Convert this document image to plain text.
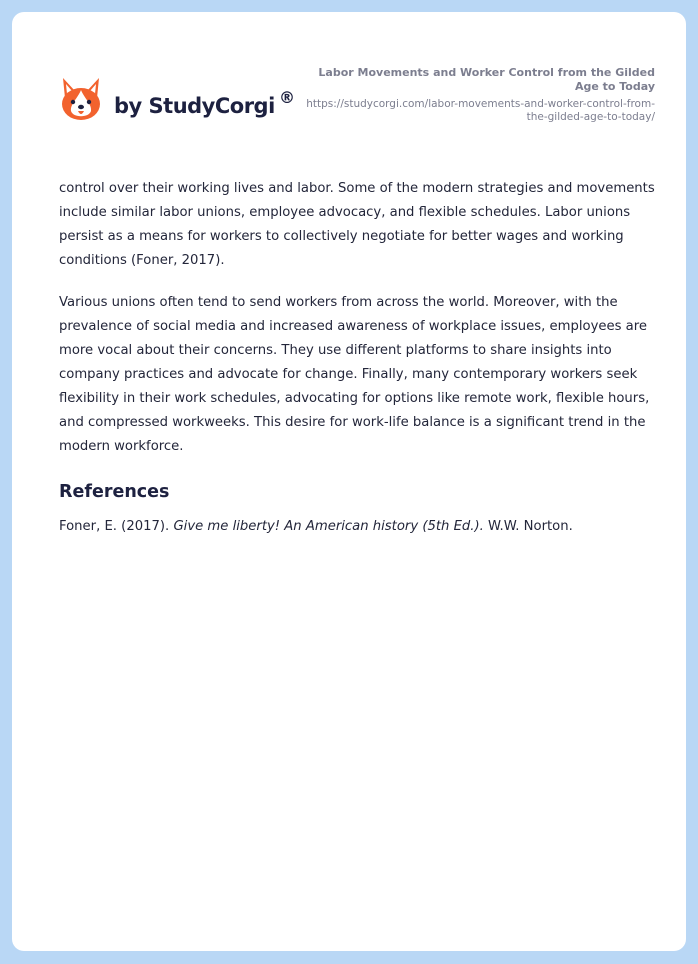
by StudyCorgi ®

Labor Movements and Worker Control from the Gilded Age to Today

https://studycorgi.com/labor-movements-and-worker-control-from-the-gilded-age-to-today/

control over their working lives and labor. Some of the modern strategies and movements include similar labor unions, employee advocacy, and flexible schedules. Labor unions persist as a means for workers to collectively negotiate for better wages and working conditions (Foner, 2017).

Various unions often tend to send workers from across the world. Moreover, with the prevalence of social media and increased awareness of workplace issues, employees are more vocal about their concerns. They use different platforms to share insights into company practices and advocate for change. Finally, many contemporary workers seek flexibility in their work schedules, advocating for options like remote work, flexible hours, and compressed workweeks. This desire for work-life balance is a significant trend in the modern workforce.

References

Foner, E. (2017). Give me liberty! An American history (5th Ed.). W.W. Norton.
